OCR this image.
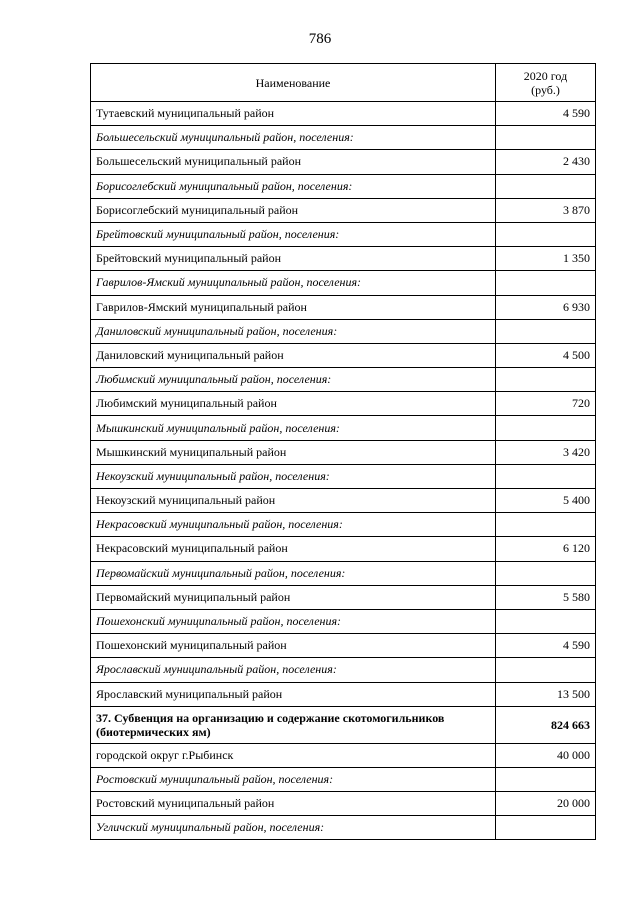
786
Наименование	2020 год
(руб.)
Тутаевский муниципальный район	4 590
Большесельский муниципальный район, поселения:	
Большесельский муниципальный район	2 430
Борисоглебский муниципальный район, поселения:	
Борисоглебский муниципальный район	3 870
Брейтовский муниципальный район, поселения:	
Брейтовский муниципальный район	1 350
Гаврилов-Ямский муниципальный район, поселения:	
Гаврилов-Ямский муниципальный район	6 930
Даниловский муниципальный район, поселения:	
Даниловский муниципальный район	4 500
Любимский муниципальный район, поселения:	
Любимский муниципальный район	720
Мышкинский муниципальный район, поселения:	
Мышкинский муниципальный район	3 420
Некоузский муниципальный район, поселения:	
Некоузский муниципальный район	5 400
Некрасовский муниципальный район, поселения:	
Некрасовский муниципальный район	6 120
Первомайский муниципальный район, поселения:	
Первомайский муниципальный район	5 580
Пошехонский муниципальный район, поселения:	
Пошехонский муниципальный район	4 590
Ярославский муниципальный район, поселения:	
Ярославский муниципальный район	13 500
37. Субвенция на организацию и содержание скотомогильников (биотермических ям)	824 663
городской округ г.Рыбинск	40 000
Ростовский муниципальный район, поселения:	
Ростовский муниципальный район	20 000
Угличский муниципальный район, поселения:	
